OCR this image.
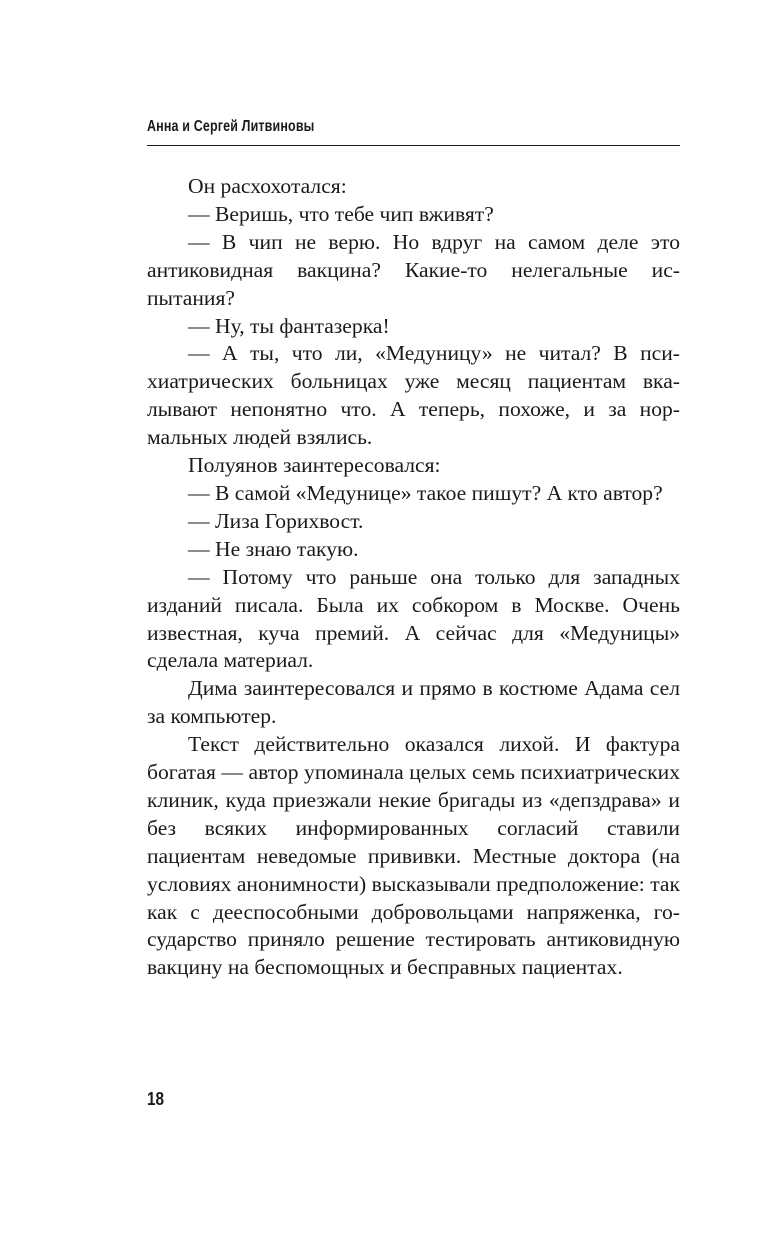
Анна и Сергей Литвиновы

Он расхохотался:

— Веришь, что тебе чип вживят?

— В чип не верю. Но вдруг на самом деле это антиковидная вакцина? Какие-то нелегальные испытания?

— Ну, ты фантазерка!

— А ты, что ли, «Медуницу» не читал? В психиатрических больницах уже месяц пациентам вкалывают непонятно что. А теперь, похоже, и за нормальных людей взялись.

Полуянов заинтересовался:

— В самой «Медунице» такое пишут? А кто автор?

— Лиза Горихвост.

— Не знаю такую.

— Потому что раньше она только для западных изданий писала. Была их собкором в Москве. Очень известная, куча премий. А сейчас для «Медуницы» сделала материал.

Дима заинтересовался и прямо в костюме Адама сел за компьютер.

Текст действительно оказался лихой. И фактура богатая — автор упоминала целых семь психиатрических клиник, куда приезжали некие бригады из «депздрава» и без всяких информированных согласий ставили пациентам неведомые прививки. Местные доктора (на условиях анонимности) высказывали предположение: так как с дееспособными добровольцами напряженка, государство приняло решение тестировать антиковидную вакцину на беспомощных и бесправных пациентах.

18
